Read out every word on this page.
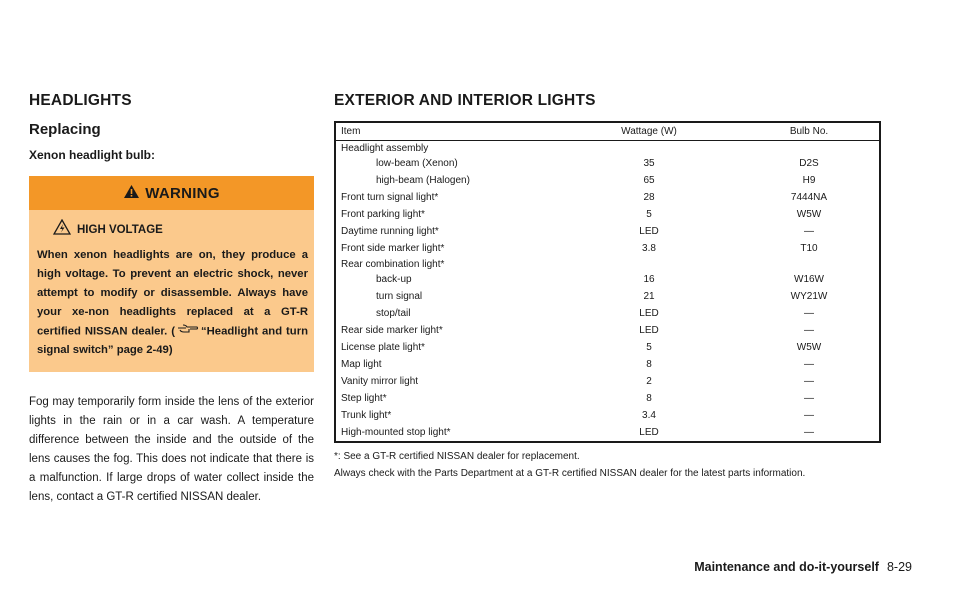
HEADLIGHTS
Replacing
Xenon headlight bulb:
WARNING
HIGH VOLTAGE
When xenon headlights are on, they produce a high voltage. To prevent an electric shock, never attempt to modify or disassemble. Always have your xe-non headlights replaced at a GT-R certified NISSAN dealer. ( “Headlight and turn signal switch” page 2-49)

Fog may temporarily form inside the lens of the exterior lights in the rain or in a car wash. A temperature difference between the inside and the outside of the lens causes the fog. This does not indicate that there is a malfunction. If large drops of water collect inside the lens, contact a GT-R certified NISSAN dealer.

EXTERIOR AND INTERIOR LIGHTS
Item	Wattage (W)	Bulb No.
Headlight assembly		
low-beam (Xenon)	35	D2S
high-beam (Halogen)	65	H9
Front turn signal light*	28	7444NA
Front parking light*	5	W5W
Daytime running light*	LED	—
Front side marker light*	3.8	T10
Rear combination light*		
back-up	16	W16W
turn signal	21	WY21W
stop/tail	LED	—
Rear side marker light*	LED	—
License plate light*	5	W5W
Map light	8	—
Vanity mirror light	2	—
Step light*	8	—
Trunk light*	3.4	—
High-mounted stop light*	LED	—
*: See a GT-R certified NISSAN dealer for replacement.
Always check with the Parts Department at a GT-R certified NISSAN dealer for the latest parts information.
Maintenance and do-it-yourself 8-29
